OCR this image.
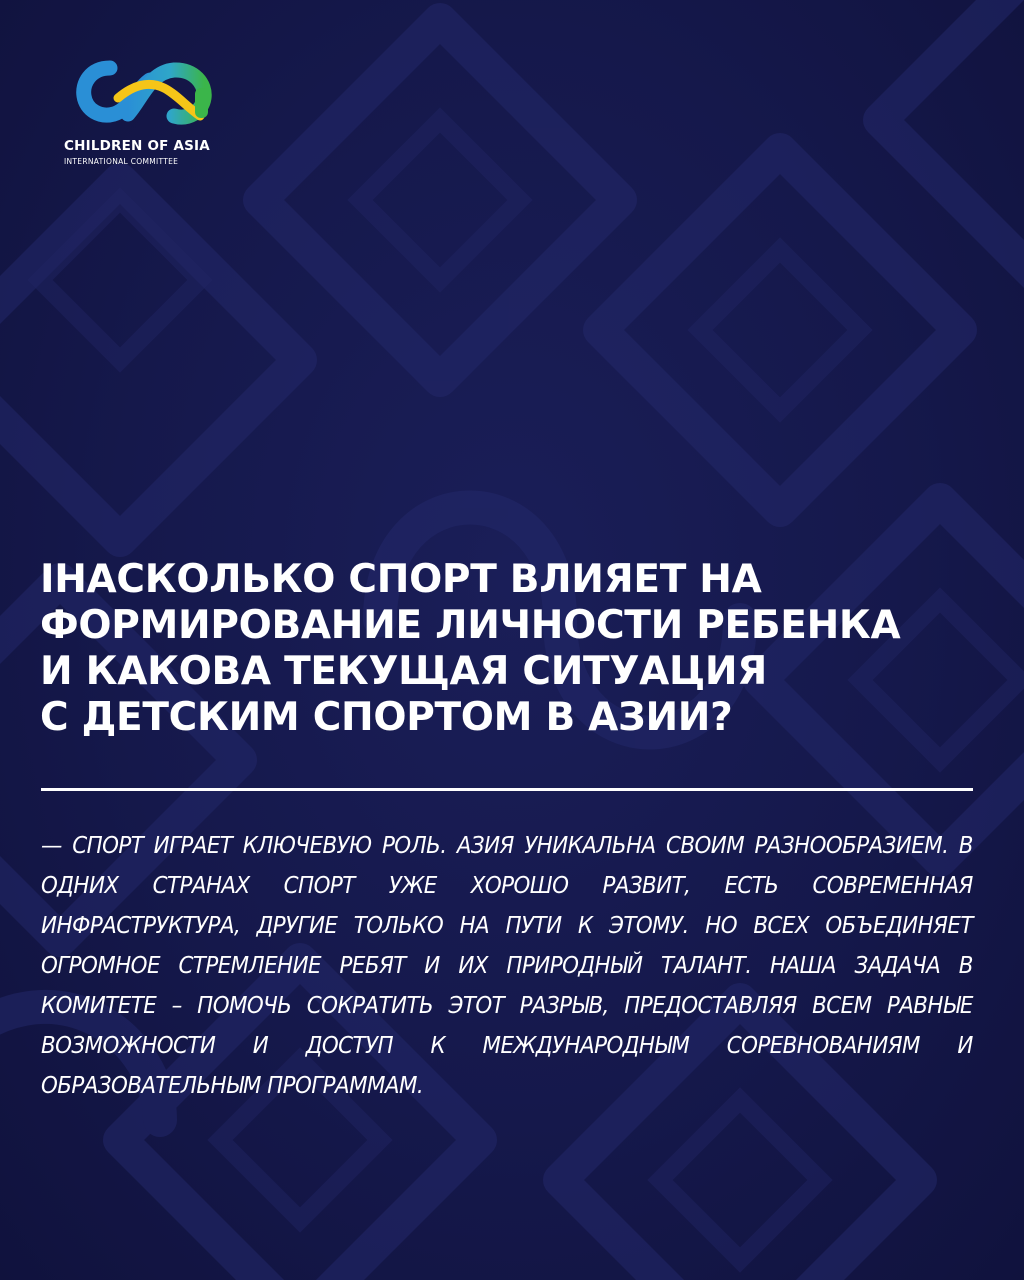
CHILDREN OF ASIA
INTERNATIONAL COMMITTEE
ІНАСКОЛЬКО СПОРТ ВЛИЯЕТ НА
ФОРМИРОВАНИЕ ЛИЧНОСТИ РЕБЕНКА
И КАКОВА ТЕКУЩАЯ СИТУАЦИЯ
С ДЕТСКИМ СПОРТОМ В АЗИИ?

— СПОРТ ИГРАЕТ КЛЮЧЕВУЮ РОЛЬ. АЗИЯ УНИКАЛЬНА СВОИМ РАЗНООБРАЗИЕМ. В ОДНИХ СТРАНАХ СПОРТ УЖЕ ХОРОШО РАЗВИТ, ЕСТЬ СОВРЕМЕННАЯ ИНФРАСТРУКТУРА, ДРУГИЕ ТОЛЬКО НА ПУТИ К ЭТОМУ. НО ВСЕХ ОБЪЕДИНЯЕТ ОГРОМНОЕ СТРЕМЛЕНИЕ РЕБЯТ И ИХ ПРИРОДНЫЙ ТАЛАНТ. НАША ЗАДАЧА В КОМИТЕТЕ – ПОМОЧЬ СОКРАТИТЬ ЭТОТ РАЗРЫВ, ПРЕДОСТАВЛЯЯ ВСЕМ РАВНЫЕ ВОЗМОЖНОСТИ И ДОСТУП К МЕЖДУНАРОДНЫМ СОРЕВНОВАНИЯМ И ОБРАЗОВАТЕЛЬНЫМ ПРОГРАММАМ.
